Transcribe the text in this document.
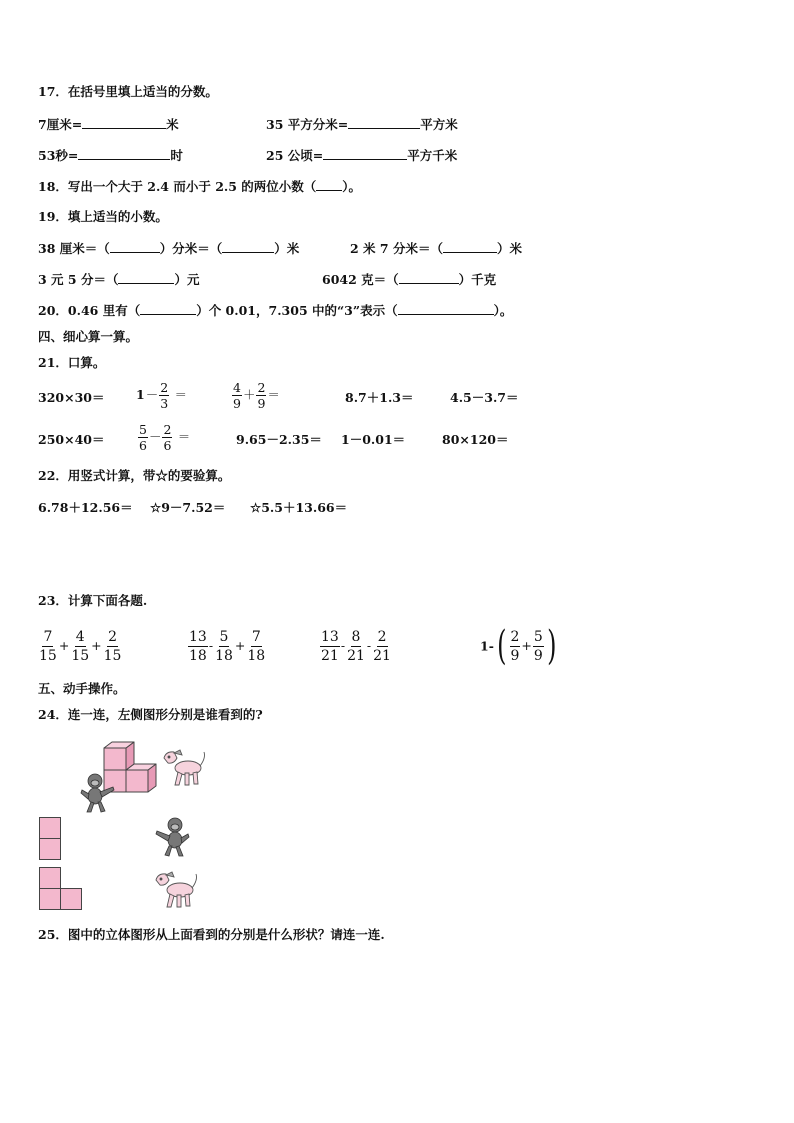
17．在括号里填上适当的分数。
7厘米=	米	35 平方分米=	平方米
53秒=	时	25 公顷=	平方千米
18．写出一个大于 2.4 而小于 2.5 的两位小数（ ）。
19．填上适当的小数。
38 厘米＝（	）分米＝（	）米	2 米 7 分米＝（	）米
3 元 5 分＝（	）元	6042 克＝（	）千克
20．0.46 里有（	）个 0.01，7.305 中的“3”表示（	）。
四、细心算一算。
21．口算。
320×30＝	$1- \frac{2}{3}$ ＝	$\frac{4}{9} + \frac{2}{9}$ ＝	8.7＋1.3＝	4.5－3.7＝
250×40＝	$\frac{5}{6} - \frac{2}{6}$ ＝	9.65－2.35＝ 1－0.01＝	80×120＝
22．用竖式计算，带☆的要验算。
6.78＋12.56＝ ☆9－7.52＝ ☆5.5＋13.66＝
23．计算下面各题.
$\frac{7}{15} + \frac{4}{15} + \frac{2}{15}$	$\frac{13}{18} - \frac{5}{18} + \frac{7}{18}$	$\frac{13}{21} - \frac{8}{21} - \frac{2}{21}$	$1-( \frac{2}{9} + \frac{5}{9}$ )
五、动手操作。
24．连一连，左侧图形分别是谁看到的?
25．图中的立体图形从上面看到的分别是什么形状？请连一连.
